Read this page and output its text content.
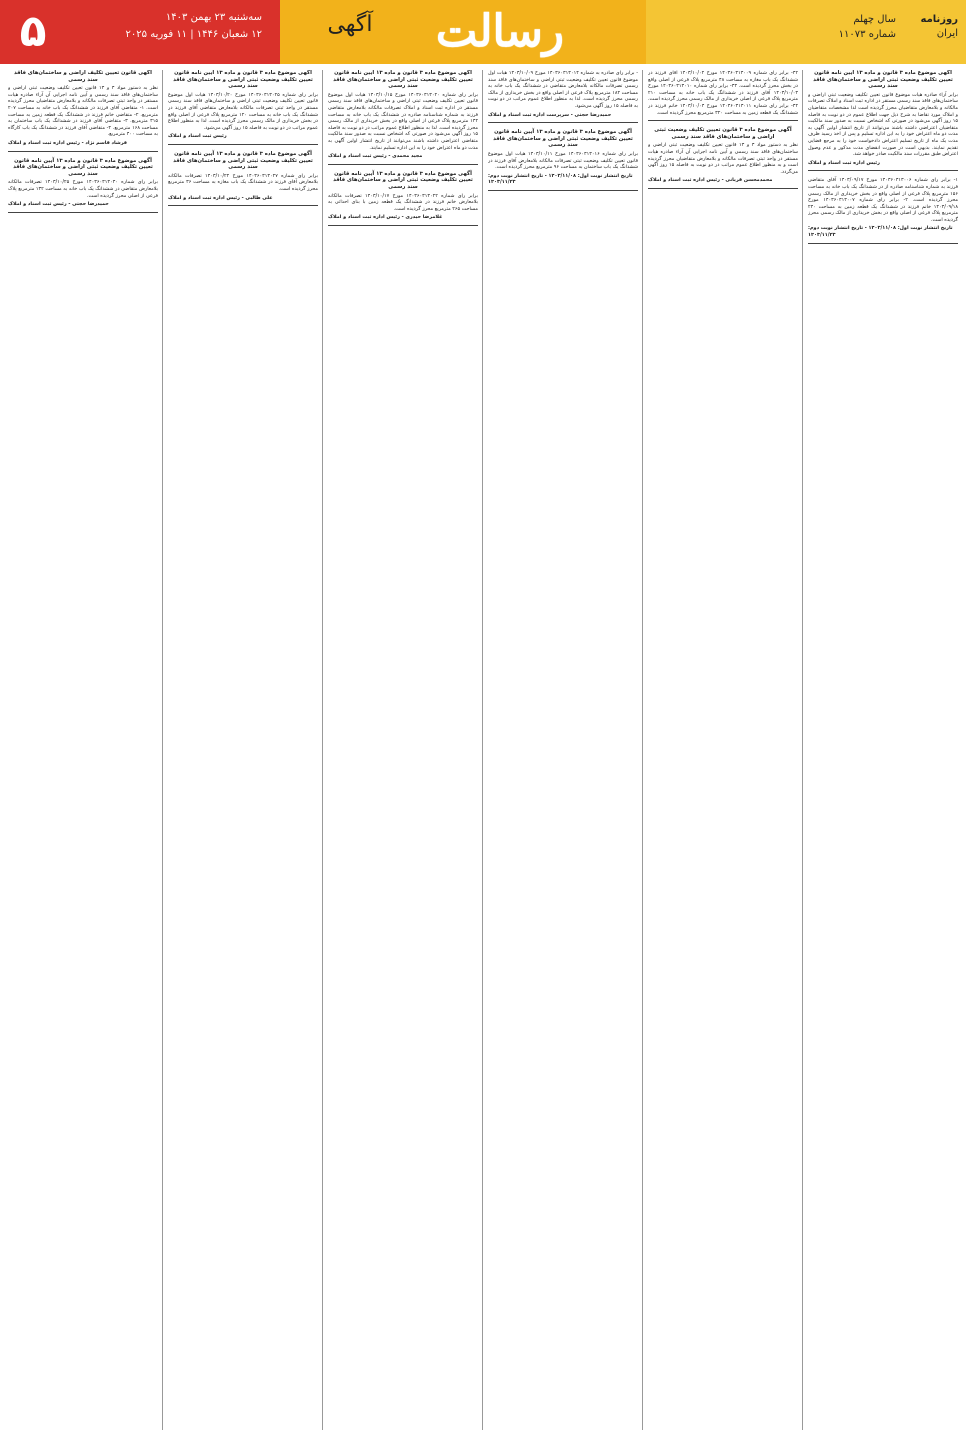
روزنامه
ایران
سال چهلم
شماره ۱۱۰۷۳
رسالت
آگهی
سه‌شنبه ۲۳ بهمن ۱۴۰۳
۱۲ شعبان ۱۴۴۶ | ۱۱ فوریه ۲۰۲۵
۵
آگهی موضوع ماده ۳ قانون و ماده ۱۳ آیین نامه قانون تعیین تکلیف وضعیت ثبتی اراضی و ساختمان‌های فاقد سند رسمی
برابر آراء صادره هیات موضوع قانون تعیین تکلیف وضعیت ثبتی اراضی و ساختمان‌های فاقد سند رسمی مستقر در اداره ثبت اسناد و املاک تصرفات مالکانه و بلامعارض متقاضیان محرز گردیده است لذا مشخصات متقاضیان و املاک مورد تقاضا به شرح ذیل جهت اطلاع عموم در دو نوبت به فاصله ۱۵ روز آگهی می‌شود در صورتی که اشخاص نسبت به صدور سند مالکیت متقاضیان اعتراضی داشته باشند می‌توانند از تاریخ انتشار اولین آگهی به مدت دو ماه اعتراض خود را به این اداره تسلیم و پس از اخذ رسید ظرف مدت یک ماه از تاریخ تسلیم اعتراض دادخواست خود را به مرجع قضایی تقدیم نمایند. بدیهی است در صورت انقضای مدت مذکور و عدم وصول اعتراض طبق مقررات سند مالکیت صادر خواهد شد.
رئیس اداره ثبت اسناد و املاک
۱- برابر رای شماره ۱۴۰۳۶۰۳۱۳۰۰۶ مورخ ۱۴۰۳/۰۹/۱۷ آقای متقاضی فرزند به شماره شناسنامه صادره از در ششدانگ یک باب خانه به مساحت ۱۵۶ مترمربع پلاک فرعی از اصلی واقع در بخش خریداری از مالک رسمی محرز گردیده است. ۲- برابر رای شماره ۱۴۰۳۶۰۳۱۳۰۰۷ مورخ ۱۴۰۳/۰۹/۱۸ خانم فرزند در ششدانگ یک قطعه زمین به مساحت ۲۴۰ مترمربع پلاک فرعی از اصلی واقع در بخش خریداری از مالک رسمی محرز گردیده است.
تاریخ انتشار نوبت اول: ۱۴۰۳/۱۱/۰۸ - تاریخ انتشار نوبت دوم: ۱۴۰۳/۱۱/۲۳
۴۲- برابر رای شماره ۱۴۰۳۶۰۳۱۳۰۰۹ مورخ ۱۴۰۳/۱۰/۰۲ آقای فرزند در ششدانگ یک باب مغازه به مساحت ۴۸ مترمربع پلاک فرعی از اصلی واقع در بخش محرز گردیده است. ۴۳- برابر رای شماره ۱۴۰۳۶۰۳۱۳۰۱۰ مورخ ۱۴۰۳/۱۰/۰۳ آقای فرزند در ششدانگ یک باب خانه به مساحت ۲۱۰ مترمربع پلاک فرعی از اصلی خریداری از مالک رسمی محرز گردیده است. ۴۴- برابر رای شماره ۱۴۰۳۶۰۳۱۳۰۱۱ مورخ ۱۴۰۳/۱۰/۰۴ خانم فرزند در ششدانگ یک قطعه زمین به مساحت ۳۲۰ مترمربع محرز گردیده است.
آگهی موضوع ماده ۳ قانون تعیین تکلیف وضعیت ثبتی اراضی و ساختمان‌های فاقد سند رسمی
نظر به دستور مواد ۳ و ۱۳ قانون تعیین تکلیف وضعیت ثبتی اراضی و ساختمان‌های فاقد سند رسمی و آیین نامه اجرایی آن آراء صادره هیات مستقر در واحد ثبتی تصرفات مالکانه و بلامعارض متقاضیان محرز گردیده است و به منظور اطلاع عموم مراتب در دو نوبت به فاصله ۱۵ روز آگهی می‌گردد.
محمدمحسن قربانی - رئیس اداره ثبت اسناد و املاک
- برابر رای صادره به شماره ۱۴۰۳۶۰۳۱۳۰۱۴ مورخ ۱۴۰۳/۱۰/۰۹ هیات اول موضوع قانون تعیین تکلیف وضعیت ثبتی اراضی و ساختمان‌های فاقد سند رسمی تصرفات مالکانه بلامعارض متقاضی در ششدانگ یک باب خانه به مساحت ۱۸۲ مترمربع پلاک فرعی از اصلی واقع در بخش خریداری از مالک رسمی محرز گردیده است. لذا به منظور اطلاع عموم مراتب در دو نوبت به فاصله ۱۵ روز آگهی می‌شود.
حمیدرضا حجتی - سرپرست اداره ثبت اسناد و املاک
آگهی موضوع ماده ۳ قانون و ماده ۱۳ آیین نامه قانون تعیین تکلیف وضعیت ثبتی اراضی و ساختمان‌های فاقد سند رسمی
برابر رای شماره ۱۴۰۳۶۰۳۱۳۰۱۶ مورخ ۱۴۰۳/۱۰/۱۱ هیات اول موضوع قانون تعیین تکلیف وضعیت ثبتی تصرفات مالکانه بلامعارض آقای فرزند در ششدانگ یک باب ساختمان به مساحت ۹۶ مترمربع محرز گردیده است.
تاریخ انتشار نوبت اول: ۱۴۰۳/۱۱/۰۸ - تاریخ انتشار نوبت دوم: ۱۴۰۳/۱۱/۲۳
آگهی موضوع ماده ۳ قانون و ماده ۱۳ آیین نامه قانون تعیین تکلیف وضعیت ثبتی اراضی و ساختمان‌های فاقد سند رسمی
برابر رای شماره ۱۴۰۳۶۰۳۱۳۰۲۰ مورخ ۱۴۰۳/۱۰/۱۵ هیات اول موضوع قانون تعیین تکلیف وضعیت ثبتی اراضی و ساختمان‌های فاقد سند رسمی مستقر در اداره ثبت اسناد و املاک تصرفات مالکانه بلامعارض متقاضی فرزند به شماره شناسنامه صادره در ششدانگ یک باب خانه به مساحت ۱۴۴ مترمربع پلاک فرعی از اصلی واقع در بخش خریداری از مالک رسمی محرز گردیده است. لذا به منظور اطلاع عموم مراتب در دو نوبت به فاصله ۱۵ روز آگهی می‌شود در صورتی که اشخاص نسبت به صدور سند مالکیت متقاضی اعتراضی داشته باشند می‌توانند از تاریخ انتشار اولین آگهی به مدت دو ماه اعتراض خود را به این اداره تسلیم نمایند.
مجید محمدی - رئیس ثبت اسناد و املاک
آگهی موضوع ماده ۳ قانون و ماده ۱۳ آیین نامه قانون تعیین تکلیف وضعیت ثبتی اراضی و ساختمان‌های فاقد سند رسمی
برابر رای شماره ۱۴۰۳۶۰۳۱۳۰۲۲ مورخ ۱۴۰۳/۱۰/۱۷ تصرفات مالکانه بلامعارض خانم فرزند در ششدانگ یک قطعه زمین با بنای احداثی به مساحت ۲۶۵ مترمربع محرز گردیده است.
غلامرضا حیدری - رئیس اداره ثبت اسناد و املاک
آگهی موضوع ماده ۳ قانون و ماده ۱۳ آیین نامه قانون تعیین تکلیف وضعیت ثبتی اراضی و ساختمان‌های فاقد سند رسمی
برابر رای شماره ۱۴۰۳۶۰۳۱۳۰۲۵ مورخ ۱۴۰۳/۱۰/۲۰ هیات اول موضوع قانون تعیین تکلیف وضعیت ثبتی اراضی و ساختمان‌های فاقد سند رسمی مستقر در واحد ثبتی تصرفات مالکانه بلامعارض متقاضی آقای فرزند در ششدانگ یک باب خانه به مساحت ۱۲۰ مترمربع پلاک فرعی از اصلی واقع در بخش خریداری از مالک رسمی محرز گردیده است. لذا به منظور اطلاع عموم مراتب در دو نوبت به فاصله ۱۵ روز آگهی می‌شود.
رئیس ثبت اسناد و املاک
آگهی موضوع ماده ۳ قانون و ماده ۱۳ آیین نامه قانون تعیین تکلیف وضعیت ثبتی اراضی و ساختمان‌های فاقد سند رسمی
برابر رای شماره ۱۴۰۳۶۰۳۱۳۰۲۷ مورخ ۱۴۰۳/۱۰/۲۲ تصرفات مالکانه بلامعارض آقای فرزند در ششدانگ یک باب مغازه به مساحت ۳۶ مترمربع محرز گردیده است.
علی طالبی - رئیس اداره ثبت اسناد و املاک
آگهی قانون تعیین تکلیف اراضی و ساختمان‌های فاقد سند رسمی
نظر به دستور مواد ۳ و ۱۳ قانون تعیین تکلیف وضعیت ثبتی اراضی و ساختمان‌های فاقد سند رسمی و آیین نامه اجرایی آن آراء صادره هیات مستقر در واحد ثبتی تصرفات مالکانه و بلامعارض متقاضیان محرز گردیده است. ۱- متقاضی آقای فرزند در ششدانگ یک باب خانه به مساحت ۲۰۷ مترمربع. ۲- متقاضی خانم فرزند در ششدانگ یک قطعه زمین به مساحت ۳۱۵ مترمربع. ۳- متقاضی آقای فرزند در ششدانگ یک باب ساختمان به مساحت ۱۶۸ مترمربع. ۴- متقاضی آقای فرزند در ششدانگ یک باب کارگاه به مساحت ۴۰۰ مترمربع.
فرشاد قاسم نژاد - رئیس اداره ثبت اسناد و املاک
آگهی موضوع ماده ۳ قانون و ماده ۱۳ آیین نامه قانون تعیین تکلیف وضعیت ثبتی اراضی و ساختمان‌های فاقد سند رسمی
برابر رای شماره ۱۴۰۳۶۰۳۱۳۰۳۰ مورخ ۱۴۰۳/۱۰/۲۵ تصرفات مالکانه بلامعارض متقاضی در ششدانگ یک باب خانه به مساحت ۱۳۲ مترمربع پلاک فرعی از اصلی محرز گردیده است.
حمیدرضا حجتی - رئیس ثبت اسناد و املاک
